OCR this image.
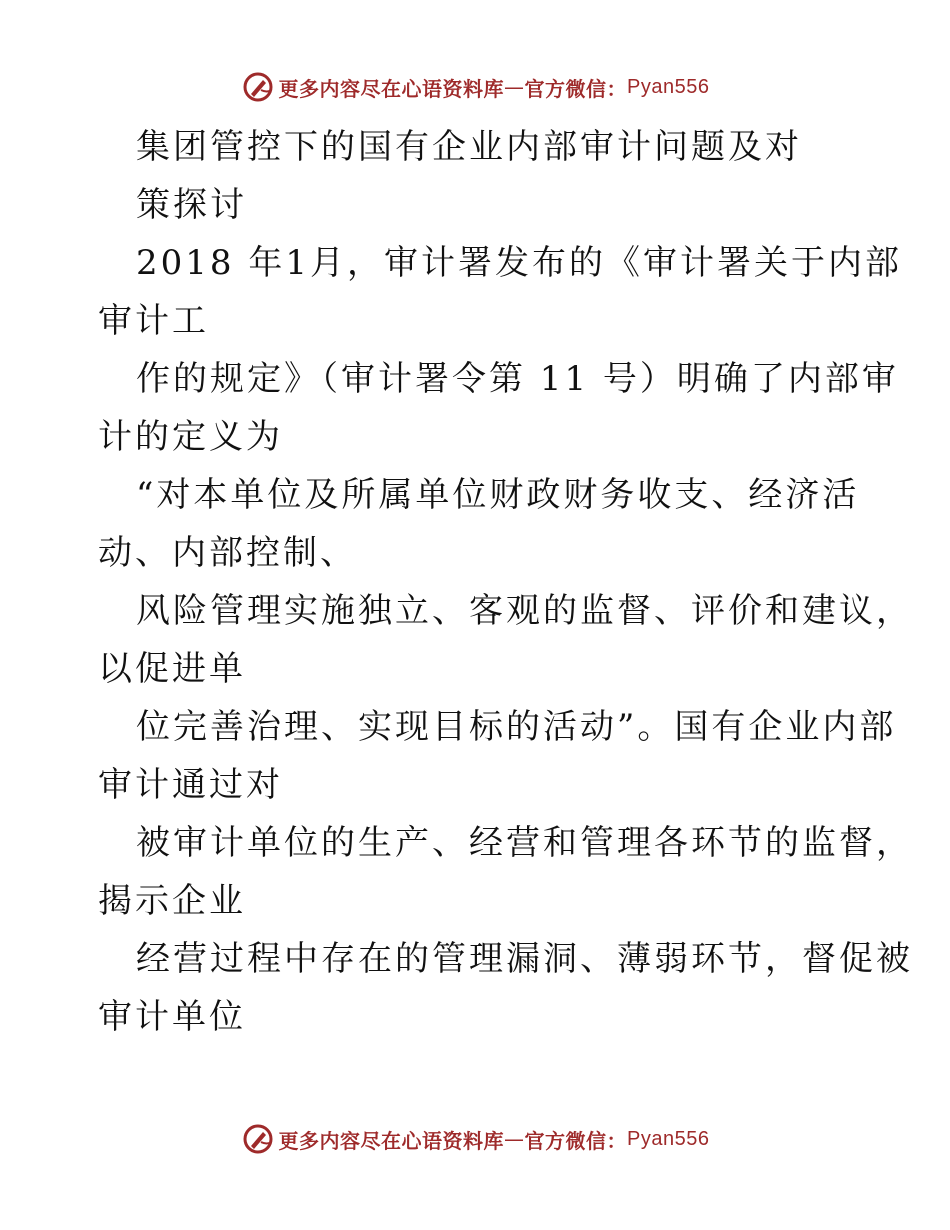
更多内容尽在心语资料库 — 官方微信： Pyan556
集团管控下的国有企业内部审计问题及对
策探讨
2018 年1月，审计署发布的《审计署关于内部
审计工
作的规定》（审计署令第 11 号）明确了内部审
计的定义为
“对本单位及所属单位财政财务收支、经济活
动、内部控制、
风险管理实施独立、客观的监督、评价和建议，
以促进单
位完善治理、实现目标的活动”。国有企业内部
审计通过对
被审计单位的生产、经营和管理各环节的监督，
揭示企业
经营过程中存在的管理漏洞、薄弱环节，督促被
审计单位
更多内容尽在心语资料库 — 官方微信： Pyan556
